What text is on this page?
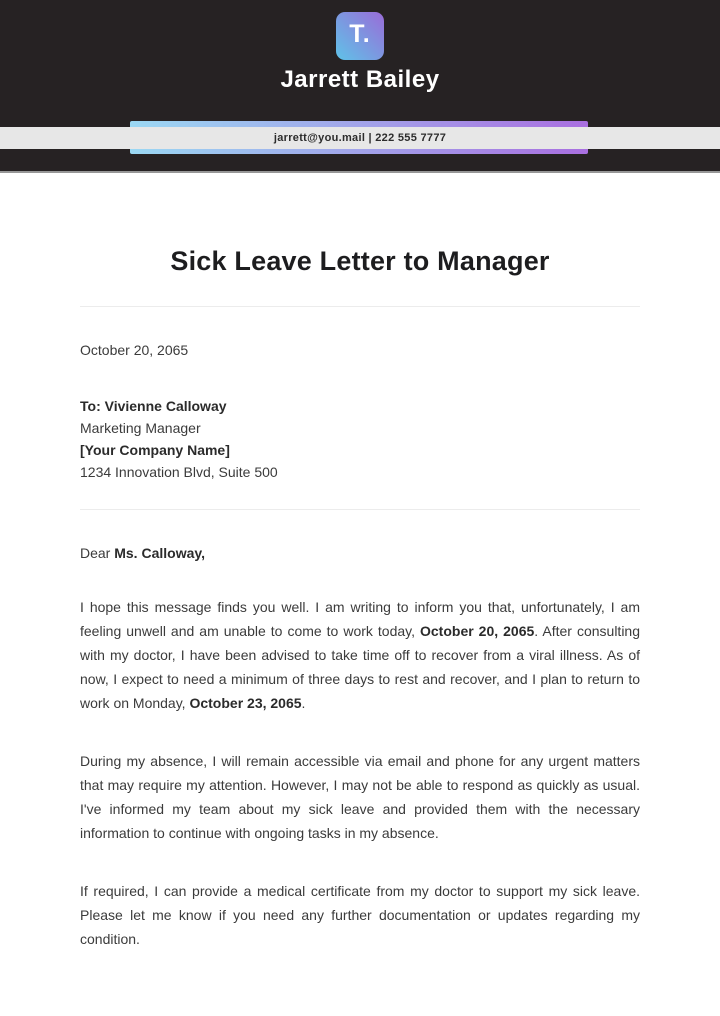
T.
Jarrett Bailey
jarrett@you.mail | 222 555 7777
Sick Leave Letter to Manager
October 20, 2065
To: Vivienne Calloway
Marketing Manager
[Your Company Name]
1234 Innovation Blvd, Suite 500
Dear Ms. Calloway,

I hope this message finds you well. I am writing to inform you that, unfortunately, I am feeling unwell and am unable to come to work today, October 20, 2065. After consulting with my doctor, I have been advised to take time off to recover from a viral illness. As of now, I expect to need a minimum of three days to rest and recover, and I plan to return to work on Monday, October 23, 2065.

During my absence, I will remain accessible via email and phone for any urgent matters that may require my attention. However, I may not be able to respond as quickly as usual. I've informed my team about my sick leave and provided them with the necessary information to continue with ongoing tasks in my absence.

If required, I can provide a medical certificate from my doctor to support my sick leave. Please let me know if you need any further documentation or updates regarding my condition.
